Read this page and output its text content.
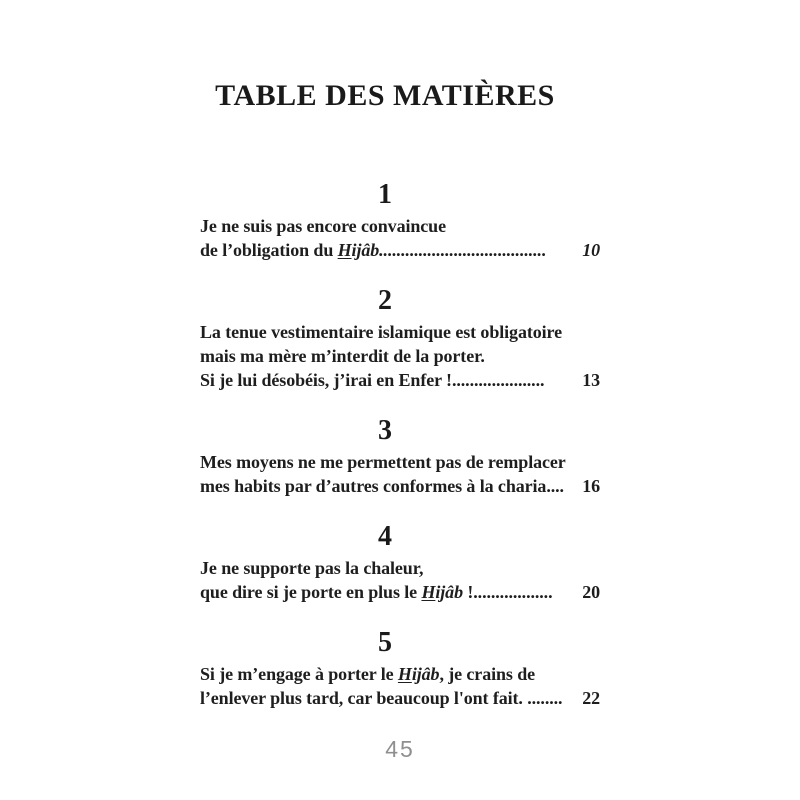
TABLE DES MATIÈRES
1
Je ne suis pas encore convaincue
de l’obligation du Hijâb ......................................	10
2
La tenue vestimentaire islamique est obligatoire
mais ma mère m’interdit de la porter.
Si je lui désobéis, j’irai en Enfer ! .....................	13
3
Mes moyens ne me permettent pas de remplacer
mes habits par d’autres conformes à la charia ....	16
4
Je ne supporte pas la chaleur,
que dire si je porte en plus le Hijâb ! ..................	20
5
Si je m’engage à porter le Hijâb, je crains de
l’enlever plus tard, car beaucoup l'ont fait. ........	22
45
